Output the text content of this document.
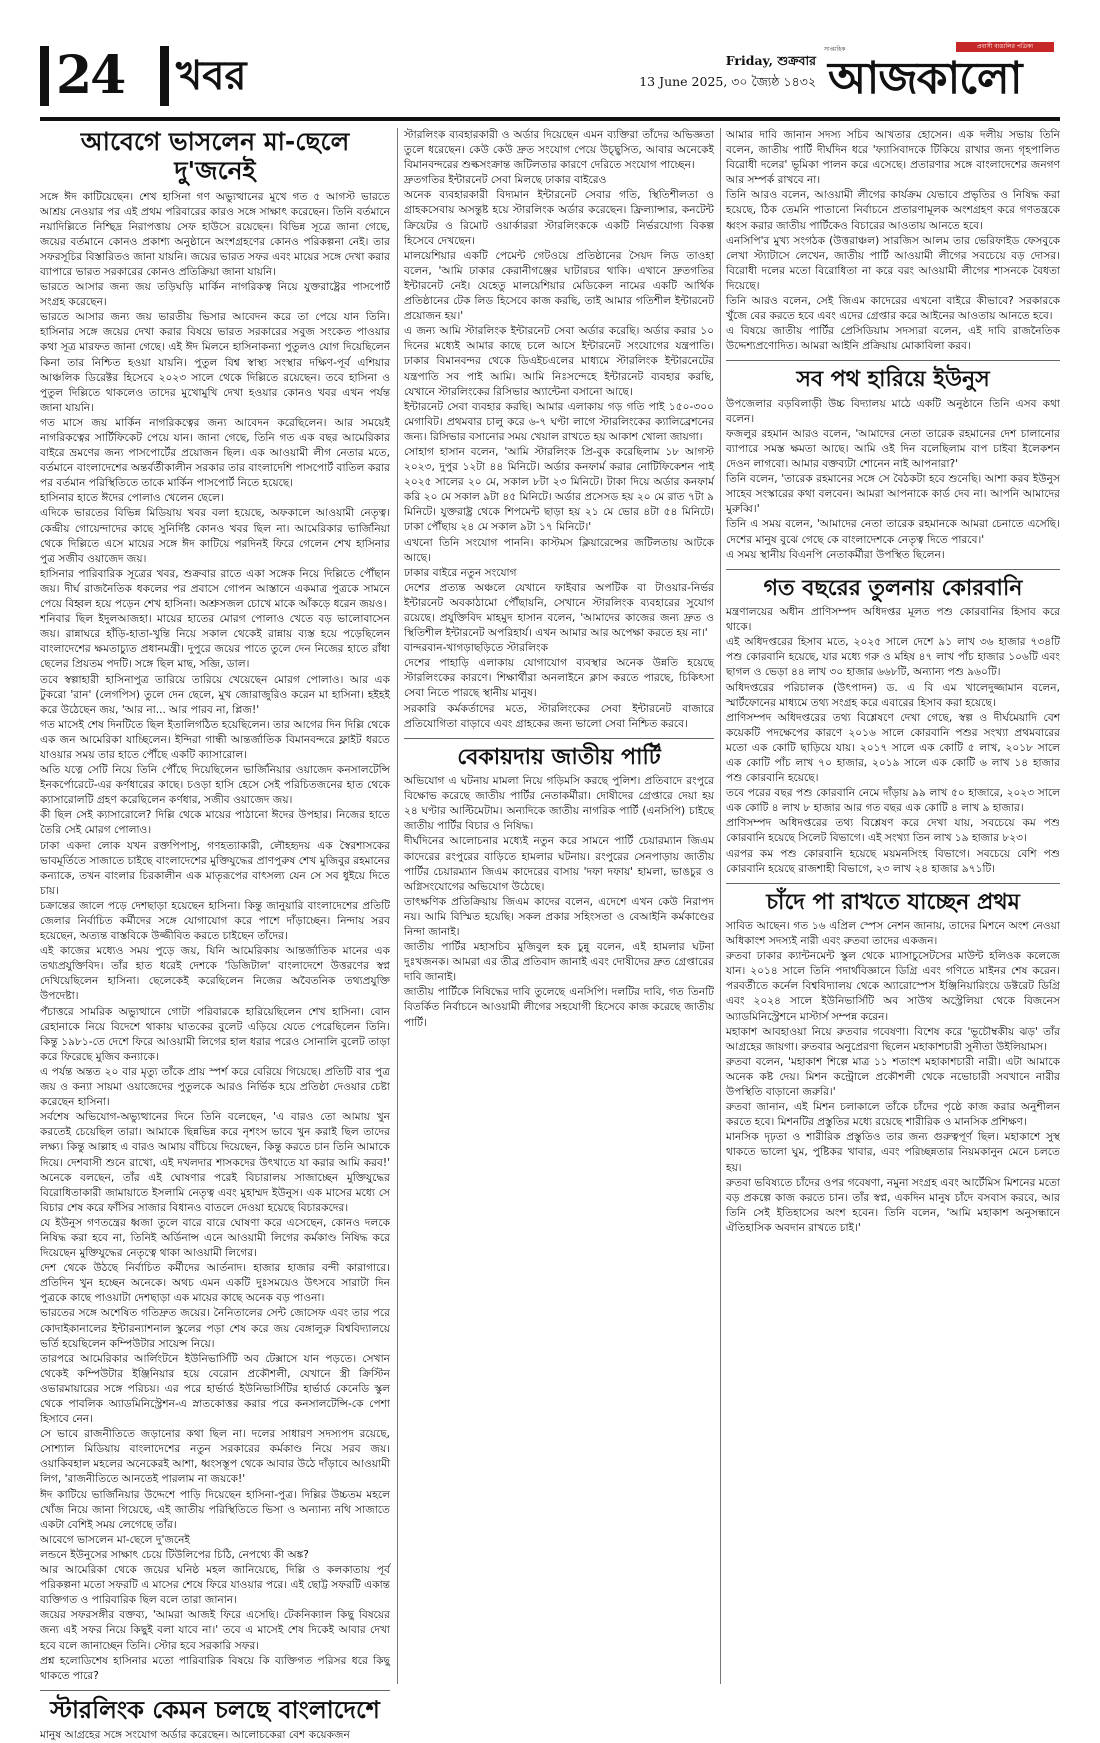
24 খবর	Friday, শুক্রবার
13 June 2025, ৩০ জ্যৈষ্ঠ ১৪৩২
সাপ্তাহিক	প্রবাসী বাঙালির পত্রিকা
আজকালো
আবেগে ভাসলেন মা-ছেলে দু'জনেই

সঙ্গে ঈদ কাটিয়েছেন। শেখ হাসিনা গণ অভ্যুত্থানের মুখে গত ৫ আগস্ট ভারতে আশ্রয় নেওয়ার পর এই প্রথম পরিবারের কারও সঙ্গে সাক্ষাৎ করেছেন। তিনি বর্তমানে নয়াদিল্লিতে নিশ্ছিদ্র নিরাপত্তায় সেফ হাউসে রয়েছেন। বিভিন্ন সূত্রে জানা গেছে, জয়ের বর্তমানে কোনও প্রকাশ্য অনুষ্ঠানে অংশগ্রহণের কোনও পরিকল্পনা নেই। তার সফরসূচির বিস্তারিতও জানা যায়নি। জয়ের ভারত সফর এবং মায়ের সঙ্গে দেখা করার ব্যাপারে ভারত সরকারের কোনও প্রতিক্রিয়া জানা যায়নি।

ভারতে আসার জন্য জয় তড়িঘড়ি মার্কিন নাগরিকত্ব নিয়ে যুক্তরাষ্ট্রের পাসপোর্ট সংগ্রহ করেছেন।

ভারতে আসার জন্য জয় ভারতীয় ভিসার আবেদন করে তা পেয়ে যান তিনি। হাসিনার সঙ্গে জয়ের দেখা করার বিষয়ে ভারত সরকারের সবুজ সংকেত পাওয়ার কথা সূত্র মারফত জানা গেছে। এই ঈদ মিলনে হাসিনাকন্যা পুতুলও যোগ দিয়েছিলেন কিনা তার নিশ্চিত হওয়া যায়নি। পুতুল বিশ্ব স্বাস্থ্য সংস্থার দক্ষিণ-পূর্ব এশিয়ার আঞ্চলিক ডিরেক্টর হিসেবে ২০২৩ সালে থেকে দিল্লিতে রয়েছেন। তবে হাসিনা ও পুতুল দিল্লিতে থাকলেও তাদের মুখোমুখি দেখা হওয়ার কোনও খবর এখন পর্যন্ত জানা যায়নি।

গত মাসে জয় মার্কিন নাগরিকত্বের জন্য আবেদন করেছিলেন। আর সময়েই নাগরিকত্বের সার্টিফিকেট পেয়ে যান। জানা গেছে, তিনি গত এক বছর আমেরিকার বাইরে ভ্রমণের জন্য পাসপোর্টের প্রয়োজন ছিল। এক আওয়ামী লীগ নেতার মতে, বর্তমানে বাংলাদেশের অন্তর্বর্তীকালীন সরকার তার বাংলাদেশি পাসপোর্ট বাতিল করার পর বর্তমান পরিস্থিতিতে তাকে মার্কিন পাসপোর্ট নিতে হয়েছে।

হাসিনার হাতে ঈদের পোলাও খেলেন ছেলে।

এদিকে ভারতের বিভিন্ন মিডিয়ায় খবর বলা হয়েছে, অফকালে আওয়ামী নেতৃত্ব। কেন্দ্রীয় গোয়েন্দাদের কাছে সুনির্দিষ্ট কোনও খবর ছিল না। আমেরিকার ভার্জিনিয়া থেকে দিল্লিতে এসে মায়ের সঙ্গে ঈদ কাটিয়ে পরদিনই ফিরে গেলেন শেখ হাসিনার পুত্র সজীব ওয়াজেদ জয়।

হাসিনার পারিবারিক সূত্রের খবর, শুক্রবার রাতে একা সঙ্গেক নিয়ে দিল্লিতে পৌঁছান জয়। দীর্ঘ রাজনৈতিক ধকলের পর প্রবাসে গোপন আস্তানে একমাত্র পুত্রকে সামনে পেয়ে বিহ্বল হয়ে পড়েন শেখ হাসিনা। অশ্রুসজল চোখে মাকে আঁকড়ে ধরেন জয়ও।

শনিবার ছিল ইদুলআজহা। মায়ের হাতের মোরগ পোলাও খেতে বড় ভালোবাসেন জয়। রান্নাঘরে হাঁড়ি-হাতা-খুন্তি নিয়ে সকাল থেকেই রান্নায় ব্যস্ত হয়ে পড়েছিলেন বাংলাদেশের ক্ষমতাচ্যুত প্রধানমন্ত্রী। দুপুরে জয়ের পাতে তুলে দেন নিজের হাতে রাঁধা ছেলের প্রিয়তম পদটি। সঙ্গে ছিল মাছ, সব্জি, ডাল।

তবে স্বল্পাহারী হাসিনাপুত্র তারিয়ে তারিয়ে খেয়েছেন মোরগ পোলাও। আর এক টুকরো 'রান' (লেগপিস) তুলে দেন ছেলে, মুখ জোরাজুরিও করেন মা হাসিনা। হইহই করে উঠেছেন জয়, 'আর না... আর পারব না, প্লিজ!'

গত মাসেই শেষ দিনটিতে ছিল ইতালিগঠিত হয়েছিলেন। তার আগের দিন দিল্লি থেকে এক জন আমেরিকা যাচ্ছিলেন। ইন্দিরা গান্ধী আন্তর্জাতিক বিমানবন্দরে ফ্লাইট ধরতে যাওয়ার সময় তার হাতে পৌঁছে একটি ক্যাসারোল।

অতি যত্নে সেটি নিয়ে তিনি পৌঁছে দিয়েছিলেন ভার্জিনিয়ার ওয়াজেদ কনসালটেন্সি ইনকর্পোরেটে-এর কর্ণধারের কাছে। চওড়া হাসি হেসে সেই পরিচিতজনের হাত থেকে ক্যাসারোলটি গ্রহণ করেছিলেন কর্ণধার, সজীব ওয়াজেদ জয়।

কী ছিল সেই ক্যাসারোলে? দিল্লি থেকে মায়ের পাঠানো ঈদের উপহার। নিজের হাতে তৈরি সেই মোরগ পোলাও।

ঢাকা একদা লোক যখন রক্তপিপাসু, গণহত্যাকারী, লৌহহৃদয় এক স্বৈরশাসকের ভাবমূর্তিতে সাজাতে চাইছে বাংলাদেশের মুক্তিযুদ্ধের প্রাণপুরুষ শেখ মুজিবুর রহমানের কন্যাকে, তখন বাংলার চিরকালীন এক মাতৃরূপের বাৎসল্য যেন সে সব ধুইয়ে দিতে চায়।

চক্রান্তের জালে পড়ে দেশছাড়া হয়েছেন হাসিনা। কিন্তু জানুয়ারি বাংলাদেশের প্রতিটি জেলার নির্বাচিত কর্মীদের সঙ্গে যোগাযোগ করে পাশে দাঁড়াচ্ছেন। নিন্দায় সরব হয়েছেন, অত্যন্ত বাস্তবিকে উজ্জীবিত করতে চাইছেন তাঁদের।

এই কাজের মধ্যেও সময় পুড়ে জয়, যিনি আমেরিকায় আন্তর্জাতিক মানের এক তথ্যপ্রযুক্তিবিদ। তাঁর হাত ধরেই দেশকে 'ডিজিটাল' বাংলাদেশে উত্তরণের স্বপ্ন দেখিয়েছিলেন হাসিনা। ছেলেকেই করেছিলেন নিজের অবৈতনিক তথ্যপ্রযুক্তি উপদেষ্টা।

পঁচাত্তরে সামরিক অভ্যুত্থানে গোটা পরিবারকে হারিয়েছিলেন শেখ হাসিনা। বোন রেহানাকে নিয়ে বিদেশে থাকায় ঘাতকের বুলেট এড়িয়ে যেতে পেরেছিলেন তিনি। কিন্তু ১৯৮১-তে দেশে ফিরে আওয়ামী লিগের হাল ধরার পরেও সোনালি বুলেট তাড়া করে ফিরেছে মুজিব কন্যাকে।

এ পর্যন্ত অন্তত ২০ বার মৃত্যু তাঁকে প্রায় স্পর্শ করে বেরিয়ে গিয়েছে। প্রতিটি বার পুত্র জয় ও কন্যা সায়মা ওয়াজেদের পুতুলকে আরও নির্ভিক হয়ে প্রতিষ্ঠা দেওয়ার চেষ্টা করেছেন হাসিনা।

সর্বশেষ অভিযোগ-অভ্যুত্থানের দিনে তিনি বলেছেন, 'এ বারও তো আমায় খুন করতেই চেয়েছিল তারা। আমাকে ছিন্নভিন্ন করে নৃশংস ভাবে খুন করাই ছিল তাদের লক্ষ্য। কিন্তু আল্লাহ এ বারও আমায় বাঁচিয়ে দিয়েছেন, কিন্তু করতে চান তিনি আমাকে দিয়ে। দেশবাসী শুনে রাখো, এই দখলদার শাসকদের উৎখাতে যা করার আমি করব!' অনেকে বলছেন, তাঁর এই ঘোষণার পরেই বিচারালয় সাজাচ্ছেন মুক্তিযুদ্ধের বিরোধিতাকারী জামায়াতে ইসলামি নেতৃত্ব এবং মুহাম্মদ ইউনুস। এক মাসের মধ্যে সে বিচার শেষ করে ফাঁসির সাজার বিধানও বাতলে দেওয়া হয়েছে বিচারকদের।

যে ইউনুস গণতন্ত্রের ধ্বজা তুলে বারে বারে ঘোষণা করে এসেছেন, কোনও দলকে নিষিদ্ধ করা হবে না, তিনিই অর্ডিনান্স এনে আওয়ামী লিগের কর্মকাণ্ড নিষিদ্ধ করে দিয়েছেন মুক্তিযুদ্ধের নেতৃত্বে থাকা আওয়ামী লিগের।

দেশ থেকে উঠছে নির্বাচিত কর্মীদের আর্তনাদ। হাজার হাজার বন্দী কারাগারে। প্রতিদিন খুন হচ্ছেন অনেকে। অথচ এমন একটি দুঃসময়েও উৎসবে সারাটা দিন পুত্রকে কাছে পাওয়াটা দেশছাড়া এক মায়ের কাছে অনেক বড় পাওনা।

ভারতের সঙ্গে অশেষিত গতিদ্রুত জয়ের। নৈনিতালের সেন্ট জোসেফ এবং তার পরে কোদাইকানালের ইন্টারন্যাশনাল স্কুলের পড়া শেষ করে জয় বেঙ্গালুরু বিশ্ববিদ্যালয়ে ভর্তি হয়েছিলেন কম্পিউটার সায়েন্স নিয়ে।

তারপরে আমেরিকার আর্লিংটনে ইউনিভার্সিটি অব টেক্সাসে যান পড়তে। সেখান থেকেই কম্পিউটার ইঞ্জিনিয়ার হয়ে বেরোন প্রকৌশলী, যেখানে স্ত্রী ক্রিস্টিন ওভারমায়ারের সঙ্গে পরিচয়। এর পরে হার্ভার্ড ইউনিভার্সিটির হার্ভার্ড কেনেডি স্কুল থেকে পাবলিক অ্যাডমিনিস্ট্রেশন-এ স্নাতকোত্তর করার পরে কনসালটেন্সি-কে পেশা হিসাবে নেন।

সে ভাবে রাজনীতিতে জড়ানোর কথা ছিল না। দলের সাধারণ সদস্যপদ রয়েছে, সোশ্যাল মিডিয়ায় বাংলাদেশের নতুন সরকারের কর্মকাণ্ড নিয়ে সরব জয়। ওয়াকিবহাল মহলের অনেকেরই আশা, ধ্বংসস্তূপ থেকে আবার উঠে দাঁড়াবে আওয়ামী লিগ, 'রাজনীতিতে আনতেই পারলাম না জয়কে!'

ঈদ কাটিয়ে ভার্জিনিয়ার উদ্দেশে পাড়ি দিয়েছেন হাসিনা-পুত্র। দিল্লির উচ্চতম মহলে খোঁজ নিয়ে জানা গিয়েছে, এই জাতীয় পরিস্থিতিতে ভিসা ও অন্যান্য নথি সাজাতে একটা বেশিই সময় লেগেছে তাঁর।

আবেগে ভাসলেন মা-ছেলে দু'জনেই

লন্ডনে ইউনুসের সাক্ষাৎ চেয়ে টিউলিপের চিঠি, নেপথ্যে কী অঙ্ক?

আর আমেরিকা থেকে জয়ের ঘনিষ্ঠ মহল জানিয়েছে, দিল্লি ও কলকাতায় পূর্ব পরিকল্পনা মতো সফরটি এ মাসের শেষে ফিরে যাওয়ার পরে। এই ছোট্ট সফরটি একান্ত ব্যক্তিগত ও পারিবারিক ছিল বলে তারা জানান।

জয়ের সফরসঙ্গীর বক্তব্য, 'আমরা আজই ফিরে এসেছি। টেকনিক্যাল কিছু বিষয়ের জন্য এই সফর নিয়ে কিছুই বলা যাবে না।' তবে এ মাসেই শেষ দিকেই আবার দেখা হবে বলে জানাচ্ছেন তিনি। স্টোর হবে সরকারি সফর।

প্রশ্ন হলোডিশেষ হাসিনার মতো পারিবারিক বিষয়ে কি ব্যক্তিগত পরিসর ধরে কিছু থাকতে পারে?

স্টারলিংক কেমন চলছে বাংলাদেশে

মানুষ আগ্রহের সঙ্গে সংযোগ অর্ডার করেছেন। আলোচকেরা বেশ কয়েকজন

স্টারলিংক ব্যবহারকারী ও অর্ডার দিয়েছেন এমন ব্যক্তিরা তাঁদের অভিজ্ঞতা তুলে ধরেছেন। কেউ কেউ দ্রুত সংযোগ পেয়ে উচ্ছ্বসিত, আবার অনেকেই বিমানবন্দরের শুল্কসংক্রান্ত জটিলতার কারণে দেরিতে সংযোগ পাচ্ছেন।

দ্রুতগতির ইন্টারনেট সেবা মিলছে ঢাকার বাইরেও

অনেক ব্যবহারকারী বিদ্যমান ইন্টারনেট সেবার গতি, স্থিতিশীলতা ও গ্রাহকসেবায় অসন্তুষ্ট হয়ে স্টারলিংক অর্ডার করেছেন। ফ্রিল্যান্সার, কনটেন্ট ক্রিয়েটর ও রিমোট ওয়ার্কাররা স্টারলিংককে একটি নির্ভরযোগ্য বিকল্প হিসেবে দেখছেন।

মালয়েশিয়ার একটি পেমেন্ট গেটওয়ে প্রতিষ্ঠানের সৈয়দ লিড তাওহা বলেন, 'আমি ঢাকার কেরানীগঞ্জের ঘাটারচর থাকি। এখানে দ্রুতগতির ইন্টারনেট নেই। যেহেতু মালয়েশিয়ার মেডিকেল নামের একটি আর্থিক প্রতিষ্ঠানের টেক লিড হিসেবে কাজ করছি, তাই আমার গতিশীল ইন্টারনেট প্রয়োজন হয়।'

এ জন্য আমি স্টারলিংক ইন্টারনেট সেবা অর্ডার করেছি। অর্ডার করার ১০ দিনের মধ্যেই আমার কাছে চলে আসে ইন্টারনেট সংযোগের যন্ত্রপাতি। ঢাকার বিমানবন্দর থেকে ডিএইচএলের মাধ্যমে স্টারলিংক ইন্টারনেটের যন্ত্রপাতি সব পাই আমি। আমি নিঃসন্দেহে ইন্টারনেট ব্যবহার করছি, যেখানে স্টারলিংকের রিসিভার অ্যান্টেনা বসানো আছে।

ইন্টারনেট সেবা ব্যবহার করছি। আমার এলাকায় গড় গতি পাই ১৫০-৩০০ মেগাবিট। প্রথমবার চালু করে ৬-৭ ঘণ্টা লাগে স্টারলিংকের ক্যালিব্রেশনের জন্য। রিসিভার বসানোর সময় খেয়াল রাখতে হয় আকাশ খোলা জায়গা।

সোহাগ হাসান বলেন, 'আমি স্টারলিংক প্রি-বুক করেছিলাম ১৮ আগস্ট ২০২৩, দুপুর ১২টা ৪৪ মিনিটে। অর্ডার কনফার্ম করার নোটিফিকেশন পাই ২০২৫ সালের ২০ মে, সকাল ৮টা ২৩ মিনিটে। টাকা দিয়ে অর্ডার কনফার্ম করি ২০ মে সকাল ৯টা ৪৫ মিনিটে। অর্ডার প্রসেসড হয় ২০ মে রাত ৭টা ৯ মিনিটে। যুক্তরাষ্ট্র থেকে শিপমেন্ট ছাড়া হয় ২১ মে ভোর ৪টা ৫৪ মিনিটে। ঢাকা পৌঁছায় ২৪ মে সকাল ৯টা ১৭ মিনিটে।'

এখনো তিনি সংযোগ পাননি। কাস্টমস ক্লিয়ারেন্সের জটিলতায় আটকে আছে।

ঢাকার বাইরে নতুন সংযোগ

দেশের প্রত্যন্ত অঞ্চলে যেখানে ফাইবার অপটিক বা টাওয়ার-নির্ভর ইন্টারনেট অবকাঠামো পৌঁছায়নি, সেখানে স্টারলিংক ব্যবহারের সুযোগ রয়েছে। প্রযুক্তিবিদ মাহমুদ হাসান বলেন, 'আমাদের কাজের জন্য দ্রুত ও স্থিতিশীল ইন্টারনেট অপরিহার্য। এখন আমার আর অপেক্ষা করতে হয় না।'

বান্দরবান-খাগড়াছড়িতে স্টারলিংক

দেশের পাহাড়ি এলাকায় যোগাযোগ ব্যবস্থার অনেক উন্নতি হয়েছে স্টারলিংকের কারণে। শিক্ষার্থীরা অনলাইনে ক্লাস করতে পারছে, চিকিৎসা সেবা নিতে পারছে স্থানীয় মানুষ।

সরকারি কর্মকর্তাদের মতে, স্টারলিংকের সেবা ইন্টারনেট বাজারে প্রতিযোগিতা বাড়াবে এবং গ্রাহকের জন্য ভালো সেবা নিশ্চিত করবে।

বেকায়দায় জাতীয় পার্টি

অভিযোগ এ ঘটনায় মামলা নিয়ে গড়িমসি করছে পুলিশ। প্রতিবাদে রংপুরে বিক্ষোভ করেছে জাতীয় পার্টির নেতাকর্মীরা। দোষীদের গ্রেপ্তারে দেয়া হয় ২৪ ঘণ্টার আল্টিমেটাম। অন্যদিকে জাতীয় নাগরিক পার্টি (এনসিপি) চাইছে জাতীয় পার্টির বিচার ও নিষিদ্ধ।

দীর্ঘদিনের আলোচনার মধ্যেই নতুন করে সামনে পার্টি চেয়ারম্যান জিএম কাদেরের রংপুরের বাড়িতে হামলার ঘটনায়। রংপুরের সেনপাড়ায় জাতীয় পার্টির চেয়ারম্যান জিএম কাদেরের বাসায় 'দফা দফায়' হামলা, ভাঙচুর ও অগ্নিসংযোগের অভিযোগ উঠেছে।

তাৎক্ষণিক প্রতিক্রিয়ায় জিএম কাদের বলেন, এদেশে এখন কেউ নিরাপদ নয়। আমি বিস্মিত হয়েছি। সকল প্রকার সহিংসতা ও বেআইনি কর্মকাণ্ডের নিন্দা জানাই।

জাতীয় পার্টির মহাসচিব মুজিবুল হক চুন্নু বলেন, এই হামলার ঘটনা দুঃখজনক। আমরা এর তীব্র প্রতিবাদ জানাই এবং দোষীদের দ্রুত গ্রেপ্তারের দাবি জানাই।

জাতীয় পার্টিকে নিষিদ্ধের দাবি তুলেছে এনসিপি। দলটির দাবি, গত তিনটি বিতর্কিত নির্বাচনে আওয়ামী লীগের সহযোগী হিসেবে কাজ করেছে জাতীয় পার্টি।

আমার দাবি জানান সদস্য সচিব আখতার হোসেন। এক দলীয় সভায় তিনি বলেন, জাতীয় পার্টি দীর্ঘদিন ধরে 'ফ্যাসিবাদকে টিকিয়ে রাখার জন্য গৃহপালিত বিরোধী দলের' ভূমিকা পালন করে এসেছে। প্রতারণার সঙ্গে বাংলাদেশের জনগণ আর সম্পর্ক রাখবে না।

তিনি আরও বলেন, আওয়ামী লীগের কার্যক্রম যেভাবে প্রভৃতির ও নিষিদ্ধ করা হয়েছে, ঠিক তেমনি পাতানো নির্বাচনে প্রতারণামূলক অংশগ্রহণ করে গণতন্ত্রকে ধ্বংস করার জাতীয় পার্টিকেও বিচারের আওতায় আনতে হবে।

এনসিপি'র মুখ্য সংগঠক (উত্তরাঞ্চল) সারজিস আলম তার ভেরিফাইড ফেসবুকে লেখা স্ট্যাটাসে লেখেন, জাতীয় পার্টি আওয়ামী লীগের সবচেয়ে বড় দোসর। বিরোধী দলের মতো বিরোধিতা না করে বরং আওয়ামী লীগের শাসনকে বৈধতা দিয়েছে।

তিনি আরও বলেন, সেই জিএম কাদেরের এখনো বাইরে কীভাবে? সরকারকে খুঁজে বের করতে হবে এবং এদের গ্রেপ্তার করে আইনের আওতায় আনতে হবে।

এ বিষয়ে জাতীয় পার্টির প্রেসিডিয়াম সদস্যরা বলেন, এই দাবি রাজনৈতিক উদ্দেশ্যপ্রণোদিত। আমরা আইনি প্রক্রিয়ায় মোকাবিলা করব।

সব পথ হারিয়ে ইউনুস

উপজেলার বড়বিলাড়ী উচ্চ বিদ্যালয় মাঠে একটি অনুষ্ঠানে তিনি এসব কথা বলেন।

ফজলুর রহমান আরও বলেন, 'আমাদের নেতা তারেক রহমানের দেশ চালানোর ব্যাপারে সমস্ত ক্ষমতা আছে। আমি ওই দিন বলেছিলাম বাপ চাইবা ইলেকশন দেওন লাগবো। আমার বক্তব্যটা শোনেন নাই আপনারা?'

তিনি বলেন, 'তারেক রহমানের সঙ্গে সে বৈঠকটা হবে শুনেছি। আশা করব ইউনুস সাহেব সংস্কারের কথা বলবেন। আমরা আপনাকে কার্ড দেব না। আপনি আমাদের মুরুব্বি।'

তিনি এ সময় বলেন, 'আমাদের নেতা তারেক রহমানকে আমরা চেনাতে এসেছি। দেশের মানুষ বুঝে গেছে কে বাংলাদেশকে নেতৃত্ব দিতে পারবে।'

এ সময় স্থানীয় বিএনপি নেতাকর্মীরা উপস্থিত ছিলেন।

গত বছরের তুলনায় কোরবানি

মন্ত্রণালয়ের অধীন প্রাণিসম্পদ অধিদপ্তর মূলত পশু কোরবানির হিসাব করে থাকে।

এই অধিদপ্তরের হিসাব মতে, ২০২৫ সালে দেশে ৯১ লাখ ৩৬ হাজার ৭৩৪টি পশু কোরবানি হয়েছে, যার মধ্যে গরু ও মহিষ ৪৭ লাখ পাঁচ হাজার ১০৬টি এবং ছাগল ও ভেড়া ৪৪ লাখ ৩০ হাজার ৬৬৮টি, অন্যান্য পশু ৯৬০টি।

অধিদপ্তরের পরিচালক (উৎপাদন) ড. এ বি এম খালেদুজ্জামান বলেন, স্মার্টফোনের মাধ্যমে তথ্য সংগ্রহ করে এবারের হিসাব করা হয়েছে।

প্রাণিসম্পদ অধিদপ্তরের তথ্য বিশ্লেষণে দেখা গেছে, স্বল্প ও দীর্ঘমেয়াদি বেশ কয়েকটি পদক্ষেপের কারণে ২০১৬ সালে কোরবানি পশুর সংখ্যা প্রথমবারের মতো এক কোটি ছাড়িয়ে যায়। ২০১৭ সালে এক কোটি ৫ লাখ, ২০১৮ সালে এক কোটি পাঁচ লাখ ৭০ হাজার, ২০১৯ সালে এক কোটি ৬ লাখ ১৪ হাজার পশু কোরবানি হয়েছে।

তবে পরের বছর পশু কোরবানি নেমে দাঁড়ায় ৯৯ লাখ ৫০ হাজারে, ২০২৩ সালে এক কোটি ৪ লাখ ৮ হাজার আর গত বছর এক কোটি ৪ লাখ ৯ হাজার।

প্রাণিসম্পদ অধিদপ্তরের তথ্য বিশ্লেষণ করে দেখা যায়, সবচেয়ে কম পশু কোরবানি হয়েছে সিলেট বিভাগে। এই সংখ্যা তিন লাখ ১৯ হাজার ৮২৩।

এরপর কম পশু কোরবানি হয়েছে ময়মনসিংহ বিভাগে। সবচেয়ে বেশি পশু কোরবানি হয়েছে রাজশাহী বিভাগে, ২৩ লাখ ২৪ হাজার ৯৭১টি।

চাঁদে পা রাখতে যাচ্ছেন প্রথম

সাবিত আছেন। গত ১৬ এপ্রিল স্পেস নেশন জানায়, তাদের মিশনে অংশ নেওয়া অধিকাংশ সদস্যই নারী এবং রুতবা তাদের একজন।

রুতবা ঢাকার ক্যান্টনমেন্ট স্কুল থেকে ম্যাসাচুসেটসের মাউন্ট হলিওক কলেজে যান। ২০১৪ সালে তিনি পদার্থবিজ্ঞানে ডিগ্রি এবং গণিতে মাইনর শেষ করেন। পরবর্তীতে কর্নেল বিশ্ববিদ্যালয় থেকে অ্যারোস্পেস ইঞ্জিনিয়ারিংয়ে ডক্টরেট ডিগ্রি এবং ২০২৪ সালে ইউনিভার্সিটি অব সাউথ অস্ট্রেলিয়া থেকে বিজনেস অ্যাডমিনিস্ট্রেশনে মাস্টার্স সম্পন্ন করেন।

মহাকাশ আবহাওয়া নিয়ে রুতবার গবেষণা। বিশেষ করে 'ভূচৌম্বকীয় ঝড়' তাঁর আগ্রহের জায়গা। রুতবার অনুপ্রেরণা ছিলেন মহাকাশচারী সুনীতা উইলিয়ামস।

রুতবা বলেন, 'মহাকাশ শিল্পে মাত্র ১১ শতাংশ মহাকাশচারী নারী। এটা আমাকে অনেক কষ্ট দেয়। মিশন কন্ট্রোলে প্রকৌশলী থেকে নভোচারী সবখানে নারীর উপস্থিতি বাড়ানো জরুরি।'

রুতবা জানান, এই মিশন চলাকালে তাঁকে চাঁদের পৃষ্ঠে কাজ করার অনুশীলন করতে হবে। মিশনটির প্রস্তুতির মধ্যে রয়েছে শারীরিক ও মানসিক প্রশিক্ষণ।

মানসিক দৃঢ়তা ও শারীরিক প্রস্তুতিও তার জন্য গুরুত্বপূর্ণ ছিল। মহাকাশে সুস্থ থাকতে ভালো ঘুম, পুষ্টিকর খাবার, এবং পরিচ্ছন্নতার নিয়মকানুন মেনে চলতে হয়।

রুতবা ভবিষ্যতে চাঁদের ওপর গবেষণা, নমুনা সংগ্রহ এবং আর্টেমিস মিশনের মতো বড় প্রকল্পে কাজ করতে চান। তাঁর স্বপ্ন, একদিন মানুষ চাঁদে বসবাস করবে, আর তিনি সেই ইতিহাসের অংশ হবেন। তিনি বলেন, 'আমি মহাকাশ অনুসন্ধানে ঐতিহাসিক অবদান রাখতে চাই।'
